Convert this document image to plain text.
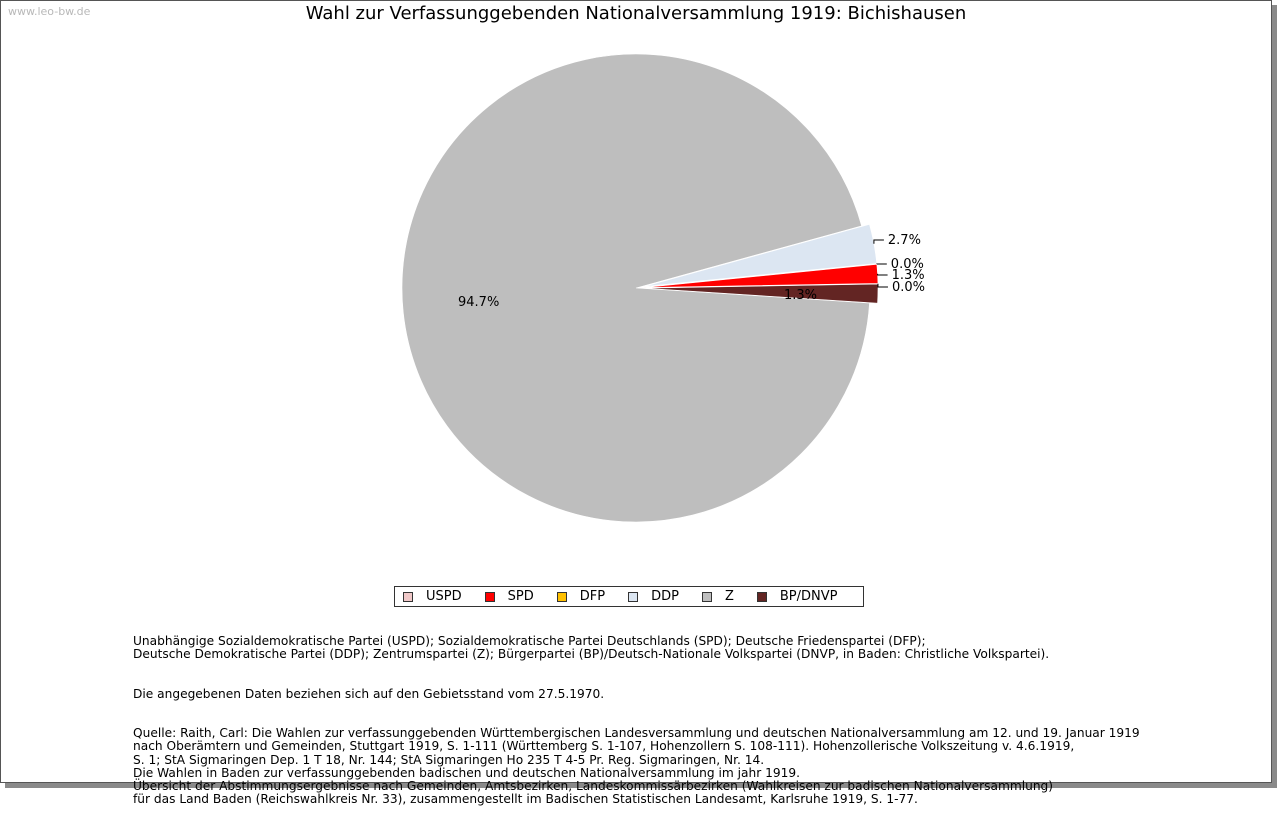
www.leo-bw.de	Wahl zur Verfassunggebenden Nationalversammlung 1919: Bichishausen
0.0%
1.3%
0.0%
2.7%
94.7%	1.3%
USPD	SPD	DFP	DDP	Z	BP/DNVP

Unabhängige Sozialdemokratische Partei (USPD); Sozialdemokratische Partei Deutschlands (SPD); Deutsche Friedenspartei (DFP);
Deutsche Demokratische Partei (DDP); Zentrumspartei (Z); Bürgerpartei (BP)/Deutsch-Nationale Volkspartei (DNVP, in Baden: Christliche Volkspartei).

Die angegebenen Daten beziehen sich auf den Gebietsstand vom 27.5.1970.

Quelle: Raith, Carl: Die Wahlen zur verfassunggebenden Württembergischen Landesversammlung und deutschen Nationalversammlung am 12. und 19. Januar 1919
nach Oberämtern und Gemeinden, Stuttgart 1919, S. 1-111 (Württemberg S. 1-107, Hohenzollern S. 108-111). Hohenzollerische Volkszeitung v. 4.6.1919,
S. 1; StA Sigmaringen Dep. 1 T 18, Nr. 144; StA Sigmaringen Ho 235 T 4-5 Pr. Reg. Sigmaringen, Nr. 14.
Die Wahlen in Baden zur verfassunggebenden badischen und deutschen Nationalversammlung im jahr 1919.
Übersicht der Abstimmungsergebnisse nach Gemeinden, Amtsbezirken, Landeskommissärbezirken (Wahlkreisen zur badischen Nationalversammlung)
für das Land Baden (Reichswahlkreis Nr. 33), zusammengestellt im Badischen Statistischen Landesamt, Karlsruhe 1919, S. 1-77.
